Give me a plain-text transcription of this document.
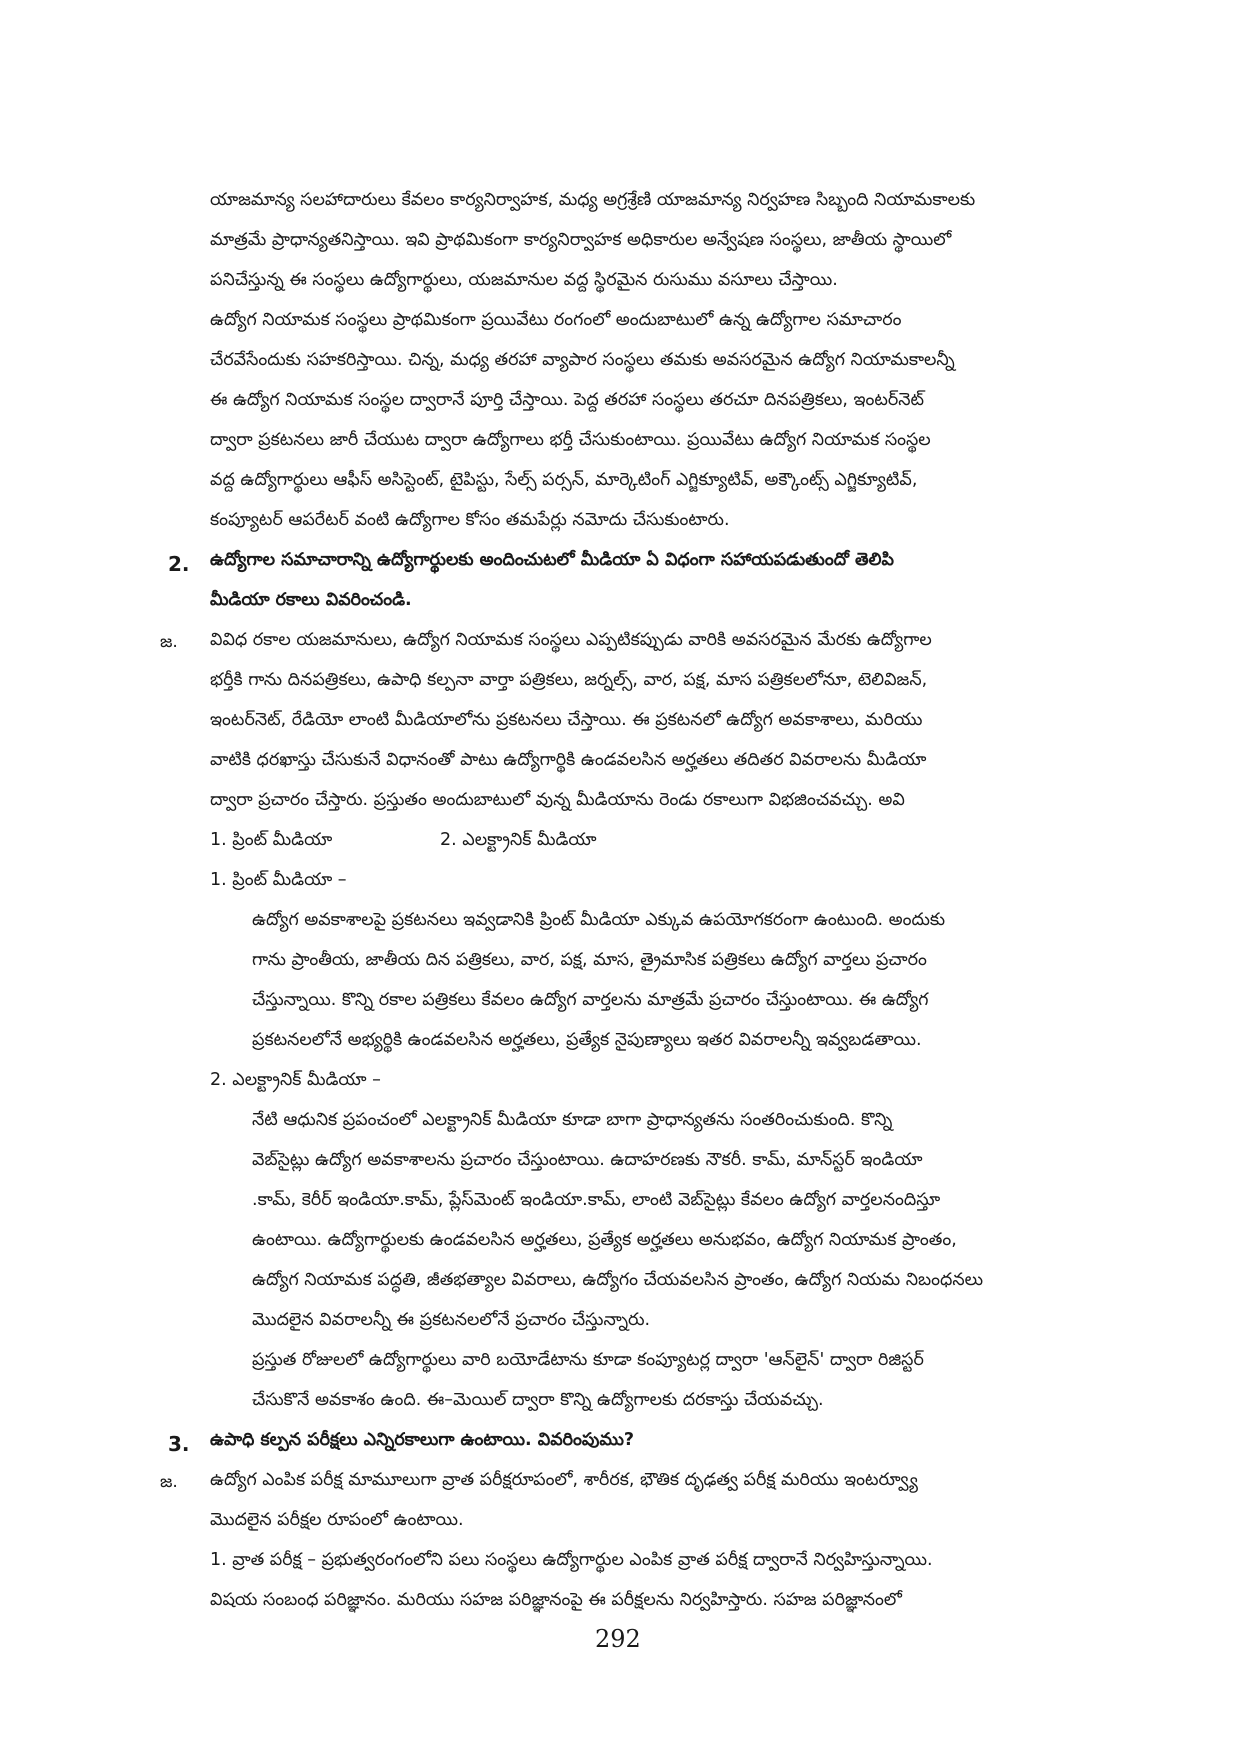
యాజమాన్య సలహాదారులు కేవలం కార్యనిర్వాహక, మధ్య అగ్రశ్రేణి యాజమాన్య నిర్వహణ సిబ్బంది నియామకాలకు
మాత్రమే ప్రాధాన్యతనిస్తాయి. ఇవి ప్రాథమికంగా కార్యనిర్వాహక అధికారుల అన్వేషణ సంస్థలు, జాతీయ స్థాయిలో
పనిచేస్తున్న ఈ సంస్థలు ఉద్యోగార్థులు, యజమానుల వద్ద స్థిరమైన రుసుము వసూలు చేస్తాయి.
ఉద్యోగ నియామక సంస్థలు ప్రాథమికంగా ప్రయివేటు రంగంలో అందుబాటులో ఉన్న ఉద్యోగాల సమాచారం
చేరవేసేందుకు సహకరిస్తాయి. చిన్న, మధ్య తరహా వ్యాపార సంస్థలు తమకు అవసరమైన ఉద్యోగ నియామకాలన్నీ
ఈ ఉద్యోగ నియామక సంస్థల ద్వారానే పూర్తి చేస్తాయి. పెద్ద తరహా సంస్థలు తరచూ దినపత్రికలు, ఇంటర్‌నెట్
ద్వారా ప్రకటనలు జారీ చేయుట ద్వారా ఉద్యోగాలు భర్తీ చేసుకుంటాయి. ప్రయివేటు ఉద్యోగ నియామక సంస్థల
వద్ద ఉద్యోగార్థులు ఆఫీస్ అసిస్టెంట్, టైపిస్టు, సేల్స్ పర్సన్, మార్కెటింగ్ ఎగ్జిక్యూటివ్, అక్కౌంట్స్ ఎగ్జిక్యూటివ్,
కంప్యూటర్ ఆపరేటర్ వంటి ఉద్యోగాల కోసం తమపేర్లు నమోదు చేసుకుంటారు.
2. ఉద్యోగాల సమాచారాన్ని ఉద్యోగార్థులకు అందించుటలో మీడియా ఏ విధంగా సహాయపడుతుందో తెలిపి
మీడియా రకాలు వివరించండి.
జ. వివిధ రకాల యజమానులు, ఉద్యోగ నియామక సంస్థలు ఎప్పటికప్పుడు వారికి అవసరమైన మేరకు ఉద్యోగాల
భర్తీకి గాను దినపత్రికలు, ఉపాధి కల్పనా వార్తా పత్రికలు, జర్నల్స్, వార, పక్ష, మాస పత్రికలలోనూ, టెలివిజన్,
ఇంటర్‌నెట్, రేడియో లాంటి మీడియాలోను ప్రకటనలు చేస్తాయి. ఈ ప్రకటనలో ఉద్యోగ అవకాశాలు, మరియు
వాటికి ధరఖాస్తు చేసుకునే విధానంతో పాటు ఉద్యోగార్థికి ఉండవలసిన అర్హతలు తదితర వివరాలను మీడియా
ద్వారా ప్రచారం చేస్తారు. ప్రస్తుతం అందుబాటులో వున్న మీడియాను రెండు రకాలుగా విభజించవచ్చు. అవి
1. ప్రింట్ మీడియా	2. ఎలక్ట్రానిక్ మీడియా
1. ప్రింట్ మీడియా –
ఉద్యోగ అవకాశాలపై ప్రకటనలు ఇవ్వడానికి ప్రింట్ మీడియా ఎక్కువ ఉపయోగకరంగా ఉంటుంది. అందుకు
గాను ప్రాంతీయ, జాతీయ దిన పత్రికలు, వార, పక్ష, మాస, త్రైమాసిక పత్రికలు ఉద్యోగ వార్తలు ప్రచారం
చేస్తున్నాయి. కొన్ని రకాల పత్రికలు కేవలం ఉద్యోగ వార్తలను మాత్రమే ప్రచారం చేస్తుంటాయి. ఈ ఉద్యోగ
ప్రకటనలలోనే అభ్యర్థికి ఉండవలసిన అర్హతలు, ప్రత్యేక నైపుణ్యాలు ఇతర వివరాలన్నీ ఇవ్వబడతాయి.
2. ఎలక్ట్రానిక్ మీడియా –
నేటి ఆధునిక ప్రపంచంలో ఎలక్ట్రానిక్ మీడియా కూడా బాగా ప్రాధాన్యతను సంతరించుకుంది. కొన్ని
వెబ్‌సైట్లు ఉద్యోగ అవకాశాలను ప్రచారం చేస్తుంటాయి. ఉదాహరణకు నౌకరీ. కామ్, మాన్‌స్టర్ ఇండియా
.కామ్, కెరీర్ ఇండియా.కామ్, ప్లేస్‌మెంట్ ఇండియా.కామ్, లాంటి వెబ్‌సైట్లు కేవలం ఉద్యోగ వార్తలనందిస్తూ
ఉంటాయి. ఉద్యోగార్థులకు ఉండవలసిన అర్హతలు, ప్రత్యేక అర్హతలు అనుభవం, ఉద్యోగ నియామక ప్రాంతం,
ఉద్యోగ నియామక పద్ధతి, జీతభత్యాల వివరాలు, ఉద్యోగం చేయవలసిన ప్రాంతం, ఉద్యోగ నియమ నిబంధనలు
మొదలైన వివరాలన్నీ ఈ ప్రకటనలలోనే ప్రచారం చేస్తున్నారు.
ప్రస్తుత రోజులలో ఉద్యోగార్థులు వారి బయోడేటాను కూడా కంప్యూటర్ల ద్వారా 'ఆన్‌లైన్' ద్వారా రిజిస్టర్
చేసుకొనే అవకాశం ఉంది. ఈ–మెయిల్ ద్వారా కొన్ని ఉద్యోగాలకు దరకాస్తు చేయవచ్చు.
3. ఉపాధి కల్పన పరీక్షలు ఎన్నిరకాలుగా ఉంటాయి. వివరింపుము?
జ. ఉద్యోగ ఎంపిక పరీక్ష మామూలుగా వ్రాత పరీక్షరూపంలో, శారీరక, భౌతిక దృఢత్వ పరీక్ష మరియు ఇంటర్వ్యూ
మొదలైన పరీక్షల రూపంలో ఉంటాయి.
1. వ్రాత పరీక్ష – ప్రభుత్వరంగంలోని పలు సంస్థలు ఉద్యోగార్థుల ఎంపిక వ్రాత పరీక్ష ద్వారానే నిర్వహిస్తున్నాయి.
విషయ సంబంధ పరిజ్ఞానం. మరియు సహజ పరిజ్ఞానంపై ఈ పరీక్షలను నిర్వహిస్తారు. సహజ పరిజ్ఞానంలో
292
